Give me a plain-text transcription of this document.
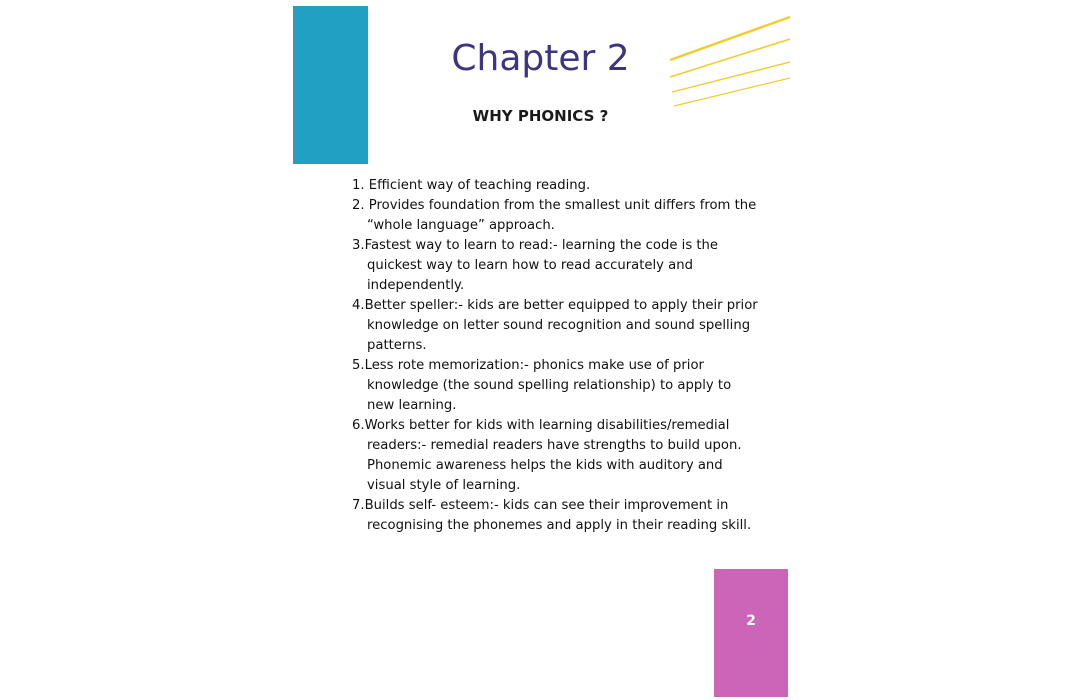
Chapter 2
WHY PHONICS ?
1. Efficient way of teaching reading.
2. Provides foundation from the smallest unit differs from the “whole language” approach.
3.Fastest way to learn to read:- learning the code is the quickest way to learn how to read accurately and independently.
4.Better speller:- kids are better equipped to apply their prior knowledge on letter sound recognition and sound spelling patterns.
5.Less rote memorization:- phonics make use of prior knowledge (the sound spelling relationship) to apply to new learning.
6.Works better for kids with learning disabilities/remedial readers:- remedial readers have strengths to build upon. Phonemic awareness helps the kids with auditory and visual style of learning.
7.Builds self- esteem:- kids can see their improvement in recognising the phonemes and apply in their reading skill.
2
